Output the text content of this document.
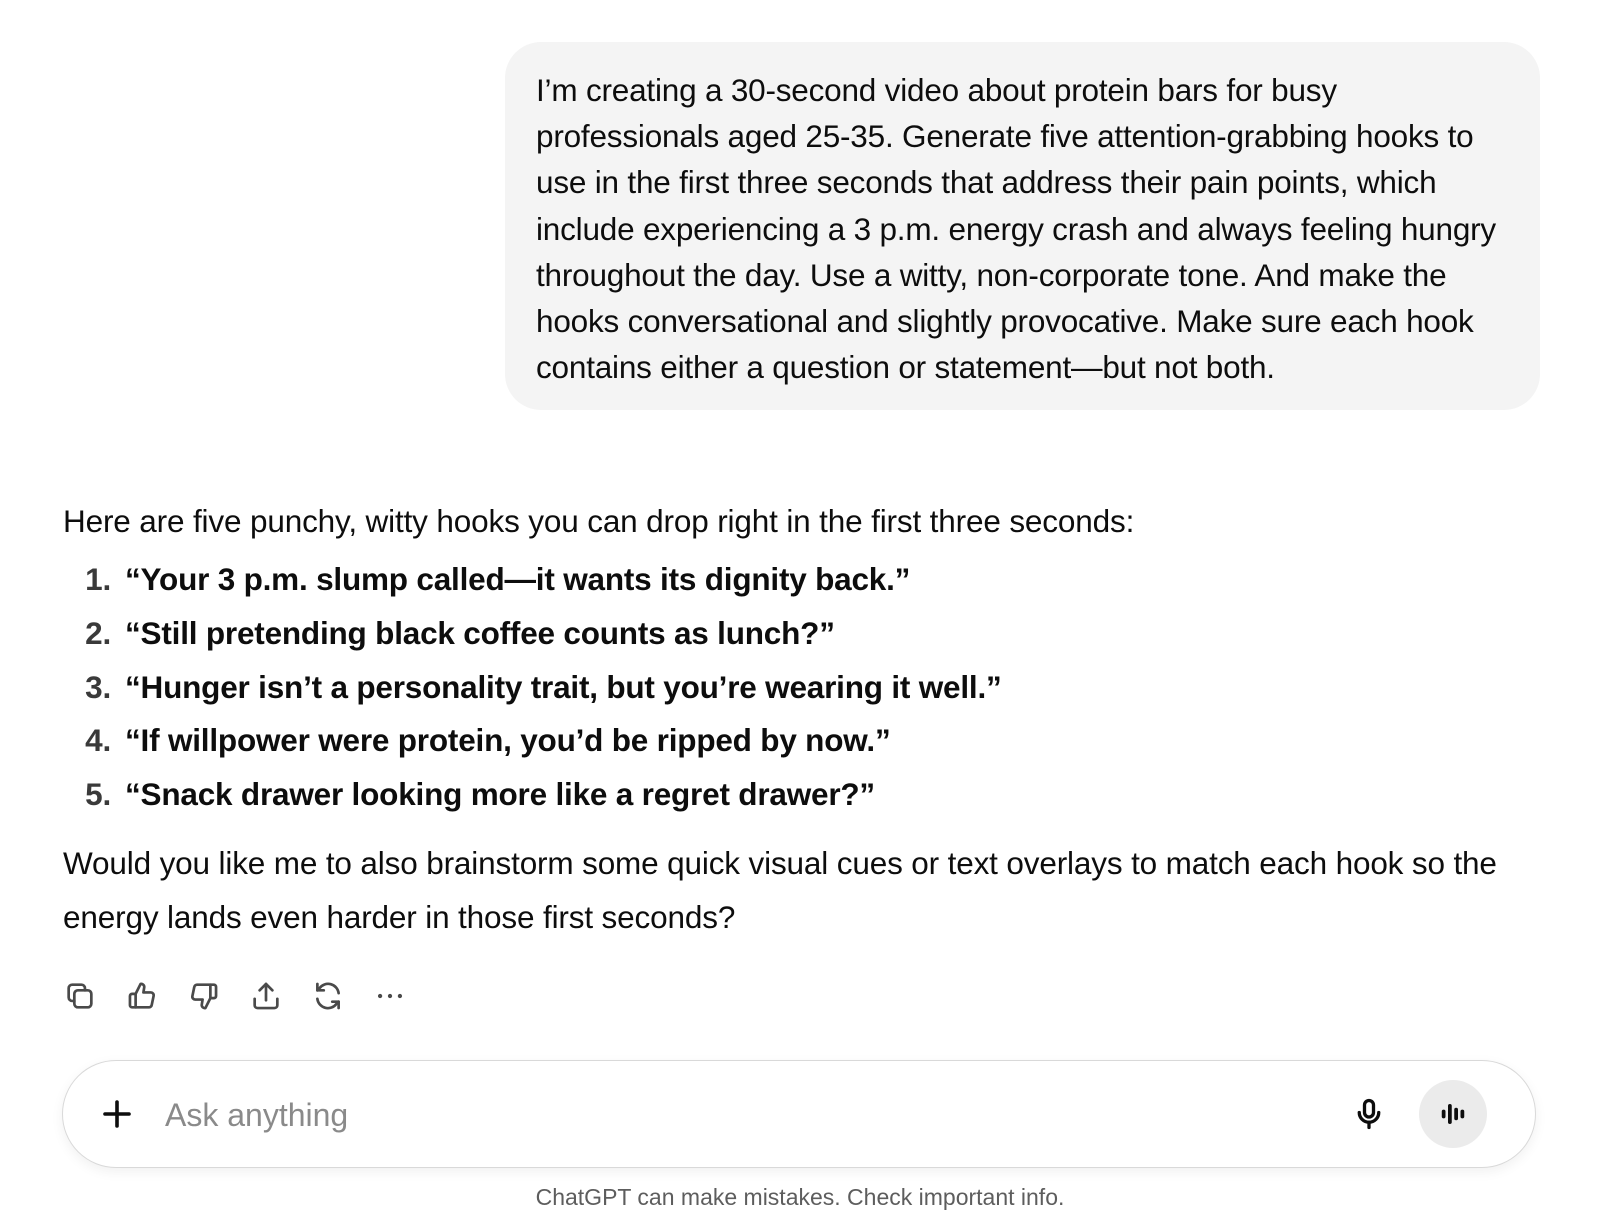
I’m creating a 30-second video about protein bars for busy professionals aged 25-35. Generate five attention-grabbing hooks to use in the first three seconds that address their pain points, which include experiencing a 3 p.m. energy crash and always feeling hungry throughout the day. Use a witty, non-corporate tone. And make the hooks conversational and slightly provocative. Make sure each hook contains either a question or statement—but not both.

Here are five punchy, witty hooks you can drop right in the first three seconds:

1. “Your 3 p.m. slump called—it wants its dignity back.”
2. “Still pretending black coffee counts as lunch?”
3. “Hunger isn’t a personality trait, but you’re wearing it well.”
4. “If willpower were protein, you’d be ripped by now.”
5. “Snack drawer looking more like a regret drawer?”

Would you like me to also brainstorm some quick visual cues or text overlays to match each hook so the energy lands even harder in those first seconds?

Ask anything

ChatGPT can make mistakes. Check important info.
